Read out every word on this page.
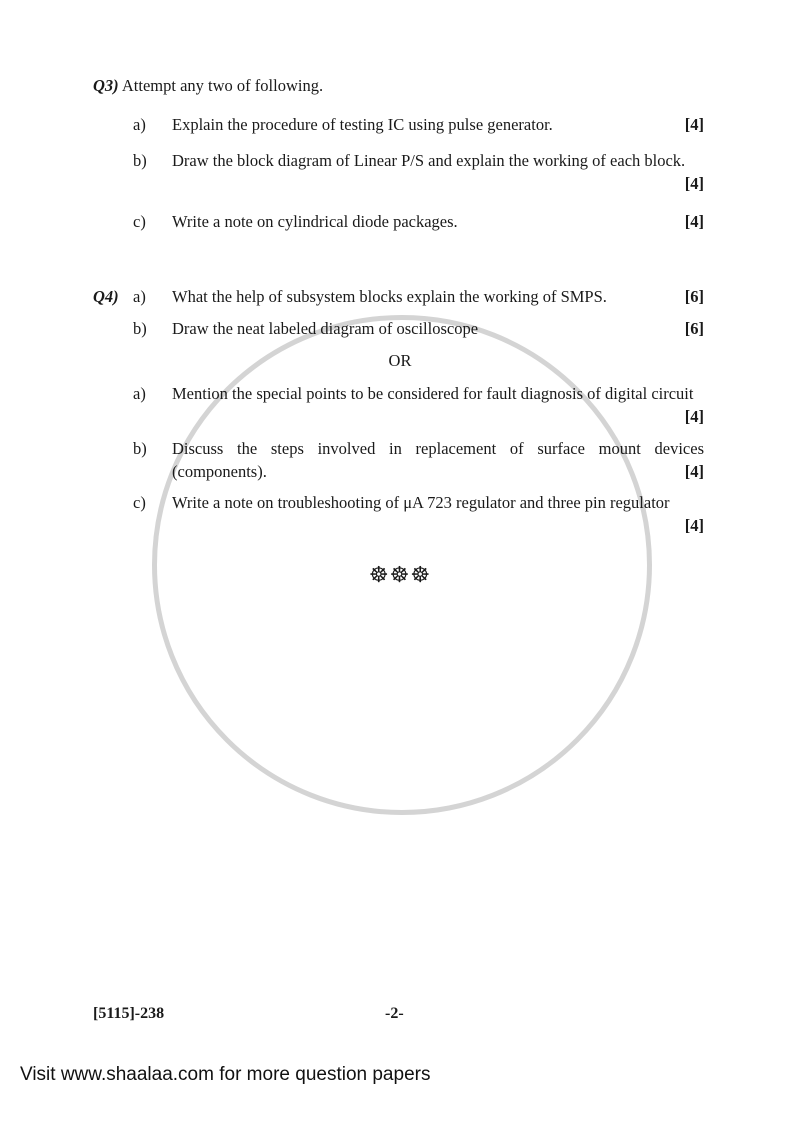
Q3) Attempt any two of following.
a) Explain the procedure of testing IC using pulse generator.	[4]
b) Draw the block diagram of Linear P/S and explain the working of each block.
[4]
c) Write a note on cylindrical diode packages.	[4]
Q4) a) What the help of subsystem blocks explain the working of SMPS.	[6]
b) Draw the neat labeled diagram of oscilloscope	[6]
OR
a) Mention the special points to be considered for fault diagnosis of digital circuit
[4]
b) Discuss the steps involved in replacement of surface mount devices (components).	[4]
c) Write a note on troubleshooting of μA 723 regulator and three pin regulator
[4]
☸☸☸
[5115]-238	-2-
Visit www.shaalaa.com for more question papers
